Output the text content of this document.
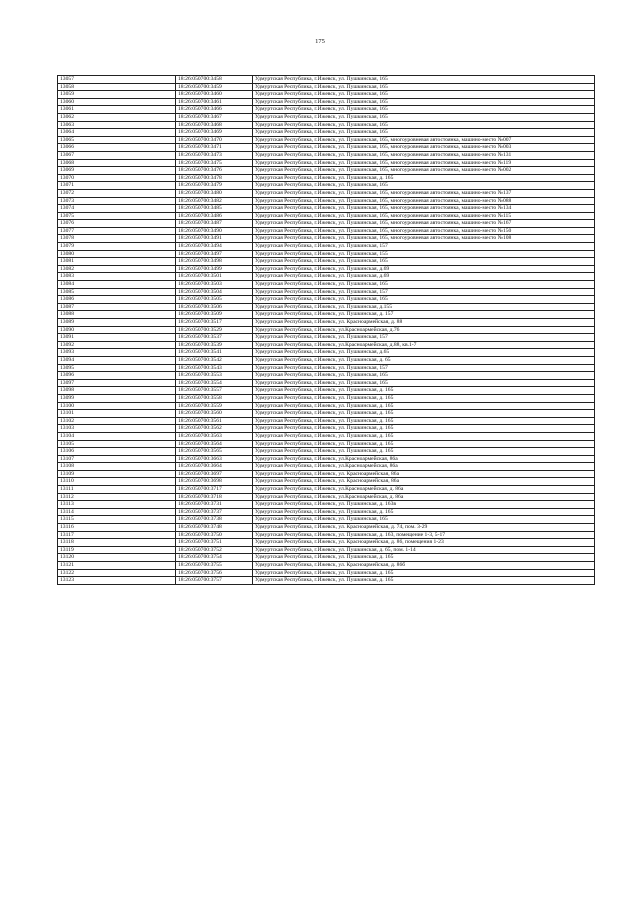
175
13057	18:26:050700:3458	Удмуртская Республика, г.Ижевск, ул. Пушкинская, 165
13058	18:26:050700:3459	Удмуртская Республика, г.Ижевск, ул. Пушкинская, 165
13059	18:26:050700:3460	Удмуртская Республика, г.Ижевск, ул. Пушкинская, 165
13060	18:26:050700:3461	Удмуртская Республика, г.Ижевск, ул. Пушкинская, 165
13061	18:26:050700:3466	Удмуртская Республика, г.Ижевск, ул. Пушкинская, 165
13062	18:26:050700:3467	Удмуртская Республика, г.Ижевск, ул. Пушкинская, 165
13063	18:26:050700:3468	Удмуртская Республика, г.Ижевск, ул. Пушкинская, 165
13064	18:26:050700:3469	Удмуртская Республика, г.Ижевск, ул. Пушкинская, 165
13065	18:26:050700:3470	Удмуртская Республика, г.Ижевск, ул. Пушкинская, 165, многоуровневая автостоянка, машино-место №007
13066	18:26:050700:3471	Удмуртская Республика, г.Ижевск, ул. Пушкинская, 165, многоуровневая автостоянка, машино-место №003
13067	18:26:050700:3473	Удмуртская Республика, г.Ижевск, ул. Пушкинская, 165, многоуровневая автостоянка, машино-место №131
13068	18:26:050700:3475	Удмуртская Республика, г.Ижевск, ул. Пушкинская, 165, многоуровневая автостоянка, машино-место №119
13069	18:26:050700:3476	Удмуртская Республика, г.Ижевск, ул. Пушкинская, 165, многоуровневая автостоянка, машино-место №002
13070	18:26:050700:3478	Удмуртская Республика, г.Ижевск, ул. Пушкинская, д. 165
13071	18:26:050700:3479	Удмуртская Республика, г.Ижевск, ул. Пушкинская, 165
13072	18:26:050700:3480	Удмуртская Республика, г.Ижевск, ул. Пушкинская, 165, многоуровневая автостоянка, машино-место №137
13073	18:26:050700:3482	Удмуртская Республика, г.Ижевск, ул. Пушкинская, 165, многоуровневая автостоянка, машино-место №088
13074	18:26:050700:3485	Удмуртская Республика, г.Ижевск, ул. Пушкинская, 165, многоуровневая автостоянка, машино-место №134
13075	18:26:050700:3486	Удмуртская Республика, г.Ижевск, ул. Пушкинская, 165, многоуровневая автостоянка, машино-место №115
13076	18:26:050700:3487	Удмуртская Республика, г.Ижевск, ул. Пушкинская, 165, многоуровневая автостоянка, машино-место №167
13077	18:26:050700:3490	Удмуртская Республика, г.Ижевск, ул. Пушкинская, 165, многоуровневая автостоянка, машино-место №150
13078	18:26:050700:3491	Удмуртская Республика, г.Ижевск, ул. Пушкинская, 165, многоуровневая автостоянка, машино-место №108
13079	18:26:050700:3494	Удмуртская Республика, г.Ижевск, ул. Пушкинская, 157
13080	18:26:050700:3497	Удмуртская Республика, г.Ижевск, ул. Пушкинская, 155
13081	18:26:050700:3498	Удмуртская Республика, г.Ижевск, ул. Пушкинская, 165
13082	18:26:050700:3499	Удмуртская Республика, г.Ижевск, ул. Пушкинская, д.69
13083	18:26:050700:3501	Удмуртская Республика, г.Ижевск, ул. Пушкинская, д.69
13084	18:26:050700:3503	Удмуртская Республика, г.Ижевск, ул. Пушкинская, 165
13085	18:26:050700:3504	Удмуртская Республика, г.Ижевск, ул. Пушкинская, 157
13086	18:26:050700:3505	Удмуртская Республика, г.Ижевск, ул. Пушкинская, 165
13087	18:26:050700:3506	Удмуртская Республика, г.Ижевск, ул. Пушкинская, д.155
13088	18:26:050700:3509	Удмуртская Республика, г.Ижевск, ул. Пушкинская, д. 157
13089	18:26:050700:3517	Удмуртская Республика, г.Ижевск, ул. Красноармейская, д. 88
13090	18:26:050700:3529	Удмуртская Республика, г.Ижевск, ул.Красноармейская, д.76
13091	18:26:050700:3537	Удмуртская Республика, г.Ижевск, ул. Пушкинская, 157
13092	18:26:050700:3539	Удмуртская Республика, г.Ижевск, ул.Красноармейская, д.88, кв.1-7
13093	18:26:050700:3541	Удмуртская Республика, г.Ижевск, ул. Пушкинская, д.65
13094	18:26:050700:3542	Удмуртская Республика, г.Ижевск, ул. Пушкинская, д. 65
13095	18:26:050700:3543	Удмуртская Республика, г.Ижевск, ул. Пушкинская, 157
13096	18:26:050700:3553	Удмуртская Республика, г.Ижевск, ул. Пушкинская, 165
13097	18:26:050700:3554	Удмуртская Республика, г.Ижевск, ул. Пушкинская, 165
13098	18:26:050700:3557	Удмуртская Республика, г.Ижевск, ул. Пушкинская, д. 165
13099	18:26:050700:3558	Удмуртская Республика, г.Ижевск, ул. Пушкинская, д. 165
13100	18:26:050700:3559	Удмуртская Республика, г.Ижевск, ул. Пушкинская, д. 165
13101	18:26:050700:3560	Удмуртская Республика, г.Ижевск, ул. Пушкинская, д. 165
13102	18:26:050700:3561	Удмуртская Республика, г.Ижевск, ул. Пушкинская, д. 165
13103	18:26:050700:3562	Удмуртская Республика, г.Ижевск, ул. Пушкинская, д. 165
13104	18:26:050700:3563	Удмуртская Республика, г.Ижевск, ул. Пушкинская, д. 165
13105	18:26:050700:3564	Удмуртская Республика, г.Ижевск, ул. Пушкинская, д. 165
13106	18:26:050700:3565	Удмуртская Республика, г.Ижевск, ул. Пушкинская, д. 165
13107	18:26:050700:3663	Удмуртская Республика, г.Ижевск, ул.Красноармейская, 86а
13108	18:26:050700:3664	Удмуртская Республика, г.Ижевск, ул.Красноармейская, 86а
13109	18:26:050700:3697	Удмуртская Республика, г.Ижевск, ул. Красноармейская, 86а
13110	18:26:050700:3698	Удмуртская Республика, г.Ижевск, ул. Красноармейская, 86а
13111	18:26:050700:3717	Удмуртская Республика, г.Ижевск, ул.Красноармейская, д. 86а
13112	18:26:050700:3718	Удмуртская Республика, г.Ижевск, ул.Красноармейская, д. 86а
13113	18:26:050700:3731	Удмуртская Республика, г.Ижевск, ул. Пушкинская, д. 163в
13114	18:26:050700:3737	Удмуртская Республика, г.Ижевск, ул. Пушкинская, д. 165
13115	18:26:050700:3738	Удмуртская Республика, г.Ижевск, ул. Пушкинская, 165
13116	18:26:050700:3748	Удмуртская Республика, г.Ижевск, ул. Красноармейская, д. 74, пом. 3-29
13117	18:26:050700:3750	Удмуртская Республика, г.Ижевск, ул. Пушкинская, д. 163, помещение 1-3, 5-17
13118	18:26:050700:3751	Удмуртская Республика, г.Ижевск, ул. Красноармейская, д. 86, помещения 1-23
13119	18:26:050700:3752	Удмуртская Республика, г.Ижевск, ул. Пушкинская, д. 65, пом. 1-14
13120	18:26:050700:3754	Удмуртская Республика, г.Ижевск, ул. Пушкинская, д. 165
13121	18:26:050700:3755	Удмуртская Республика, г.Ижевск, ул. Красноармейская, д. 86б
13122	18:26:050700:3756	Удмуртская Республика, г.Ижевск, ул. Пушкинская, д. 165
13123	18:26:050700:3757	Удмуртская Республика, г.Ижевск, ул. Пушкинская, д. 165
